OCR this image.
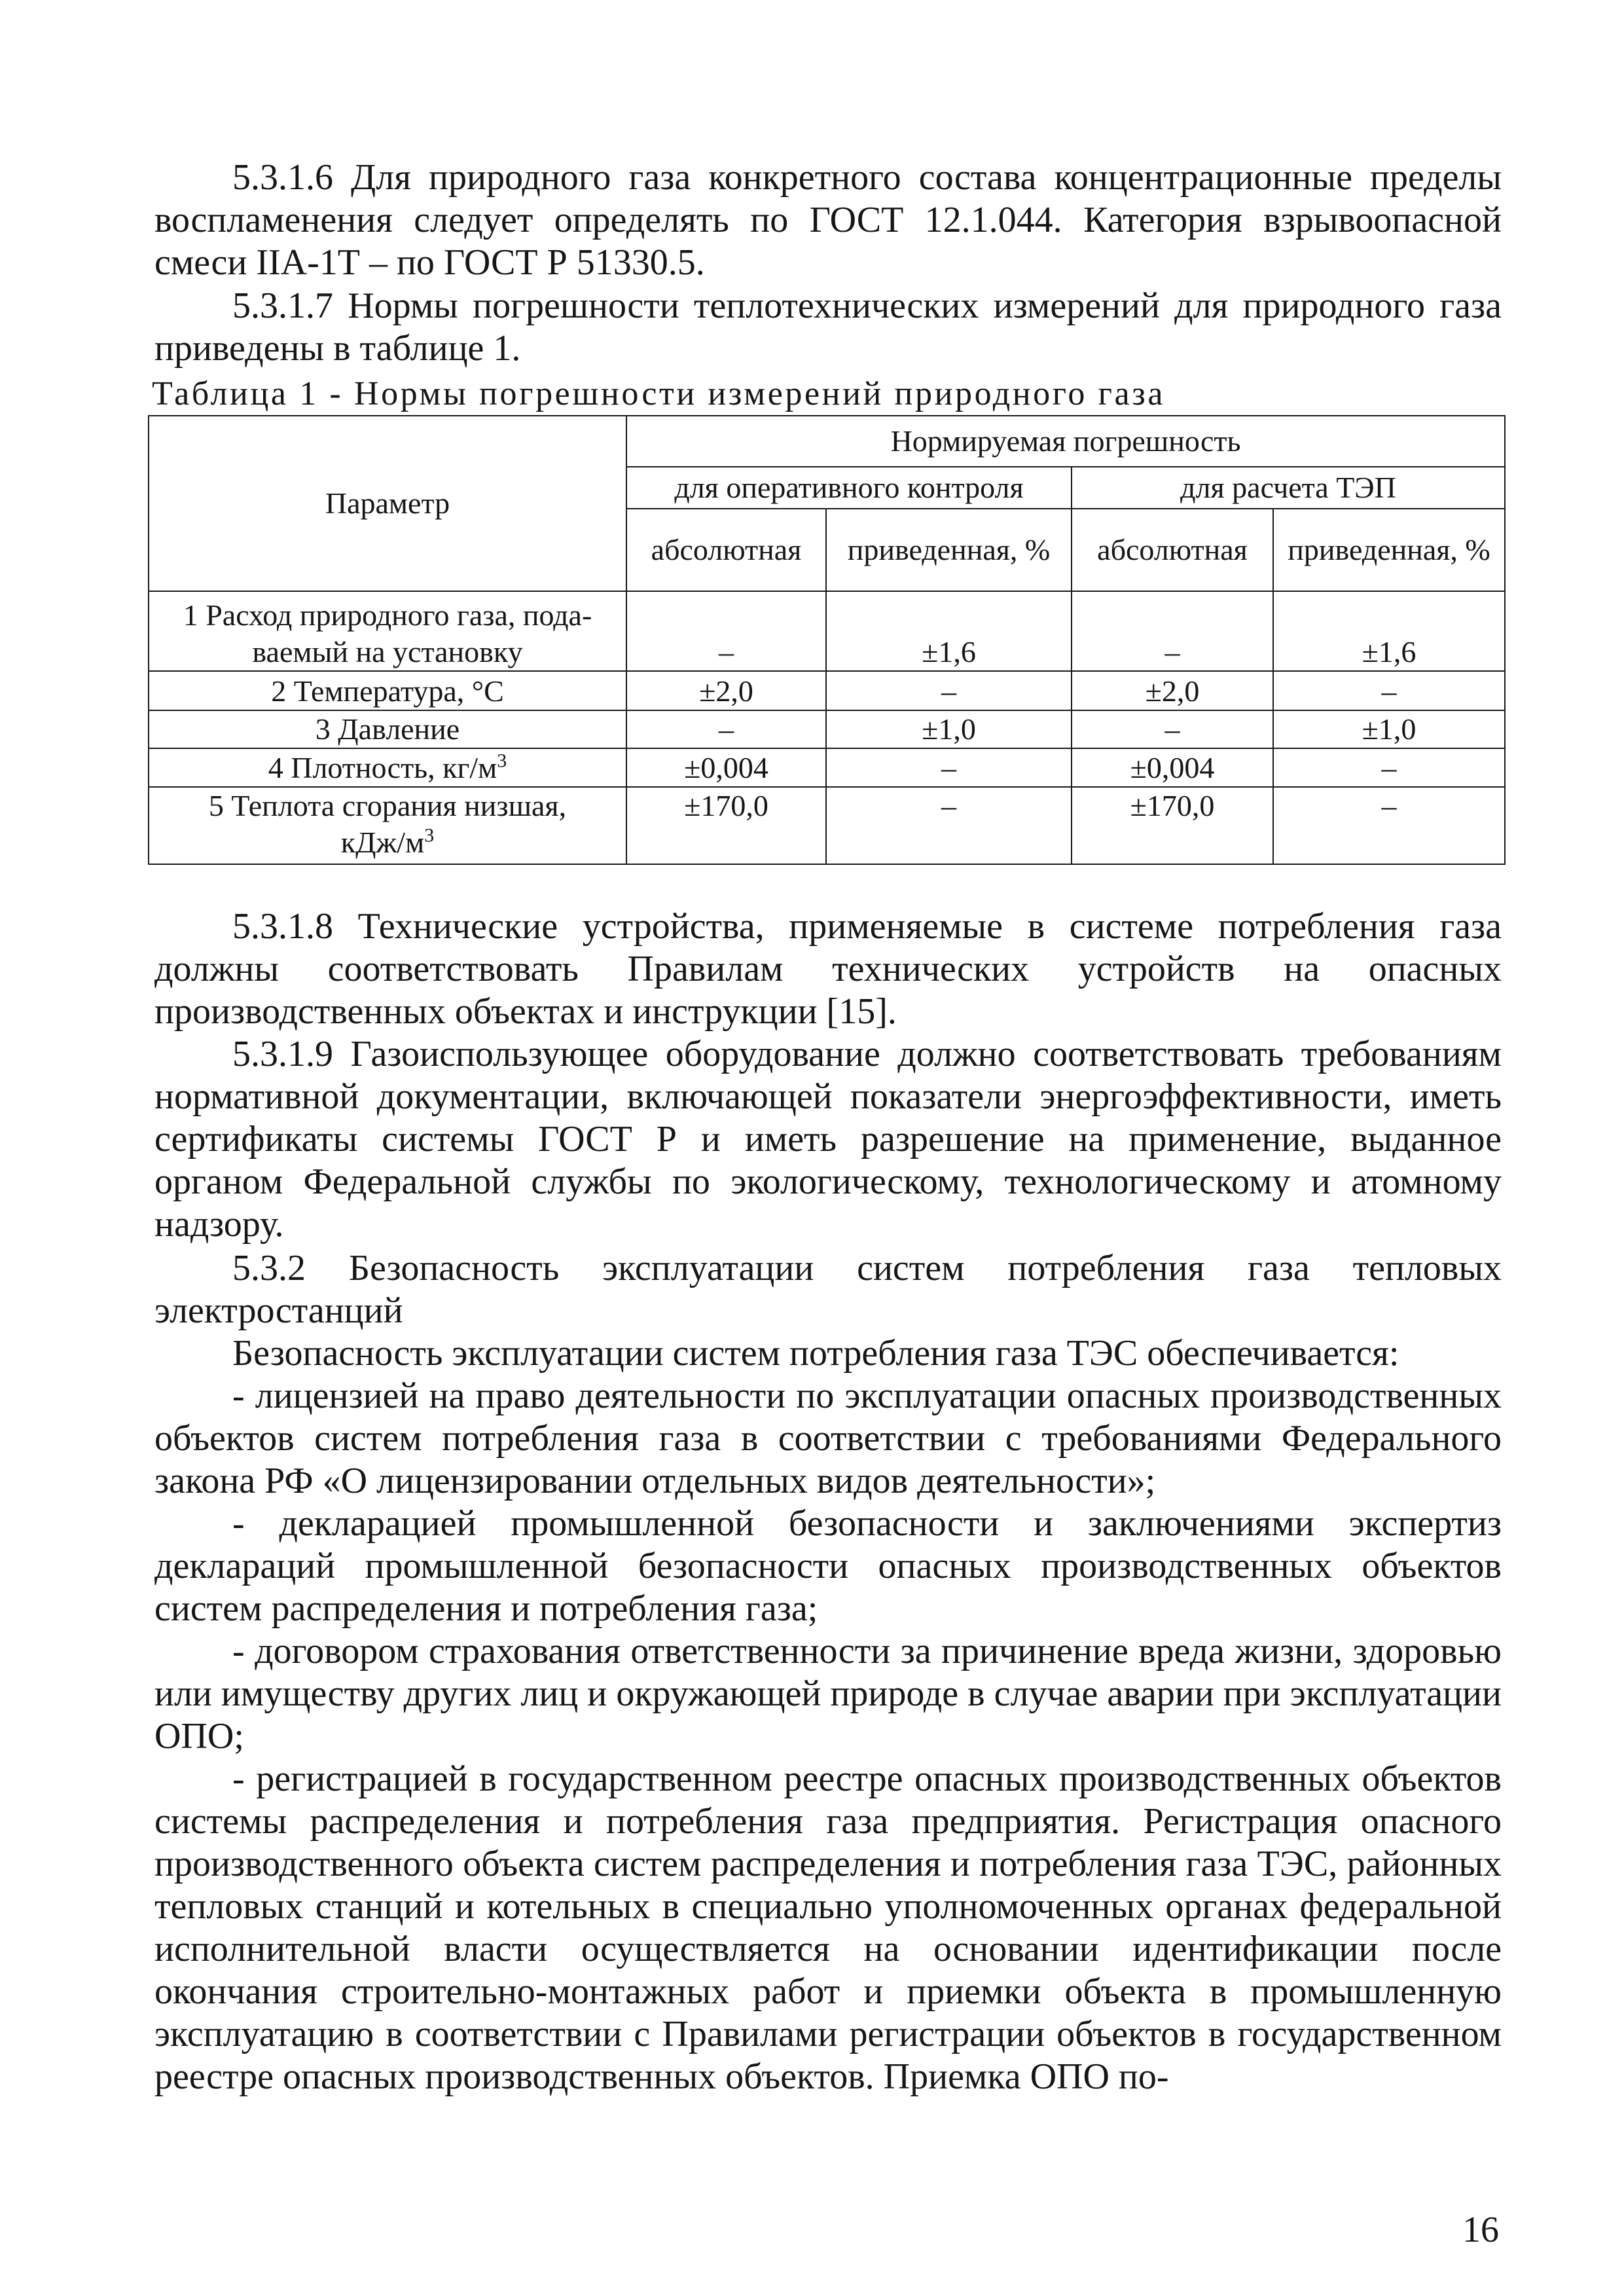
5.3.1.6 Для природного газа конкретного состава концентрационные пределы воспламенения следует определять по ГОСТ 12.1.044. Категория взрывоопасной смеси IIA-1Т – по ГОСТ Р 51330.5.

5.3.1.7 Нормы погрешности теплотехнических измерений для природного газа приведены в таблице 1.

Таблица 1 - Нормы погрешности измерений природного газа

Параметр	Нормируемая погрешность			
	для оперативного контроля		для расчета ТЭП	
	абсолютная	приведенная, %	абсолютная	приведенная, %
1 Расход природного газа, пода-
ваемый на установку	–	±1,6	–	±1,6
2 Температура, °С	±2,0	–	±2,0	–
3 Давление	–	±1,0	–	±1,0
4 Плотность, $кг/м^3$	±0,004	–	±0,004	–
5 Теплота сгорания низшая,
кДж/$м^3$	±170,0	–	±170,0	–

5.3.1.8 Технические устройства, применяемые в системе потребления газа должны соответствовать Правилам технических устройств на опасных производственных объектах и инструкции [15].

5.3.1.9 Газоиспользующее оборудование должно соответствовать требованиям нормативной документации, включающей показатели энергоэффективности, иметь сертификаты системы ГОСТ Р и иметь разрешение на применение, выданное органом Федеральной службы по экологическому, технологическому и атомному надзору.

5.3.2 Безопасность эксплуатации систем потребления газа тепловых электростанций

Безопасность эксплуатации систем потребления газа ТЭС обеспечивается:

- лицензией на право деятельности по эксплуатации опасных производственных объектов систем потребления газа в соответствии с требованиями Федерального закона РФ «О лицензировании отдельных видов деятельности»;

- декларацией промышленной безопасности и заключениями экспертиз деклараций промышленной безопасности опасных производственных объектов систем распределения и потребления газа;

- договором страхования ответственности за причинение вреда жизни, здоровью или имуществу других лиц и окружающей природе в случае аварии при эксплуатации ОПО;

- регистрацией в государственном реестре опасных производственных объектов системы распределения и потребления газа предприятия. Регистрация опасного производственного объекта систем распределения и потребления газа ТЭС, районных тепловых станций и котельных в специально уполномоченных органах федеральной исполнительной власти осуществляется на основании идентификации после окончания строительно-монтажных работ и приемки объекта в промышленную эксплуатацию в соответствии с Правилами регистрации объектов в государственном реестре опасных производственных объектов. Приемка ОПО по-

16
